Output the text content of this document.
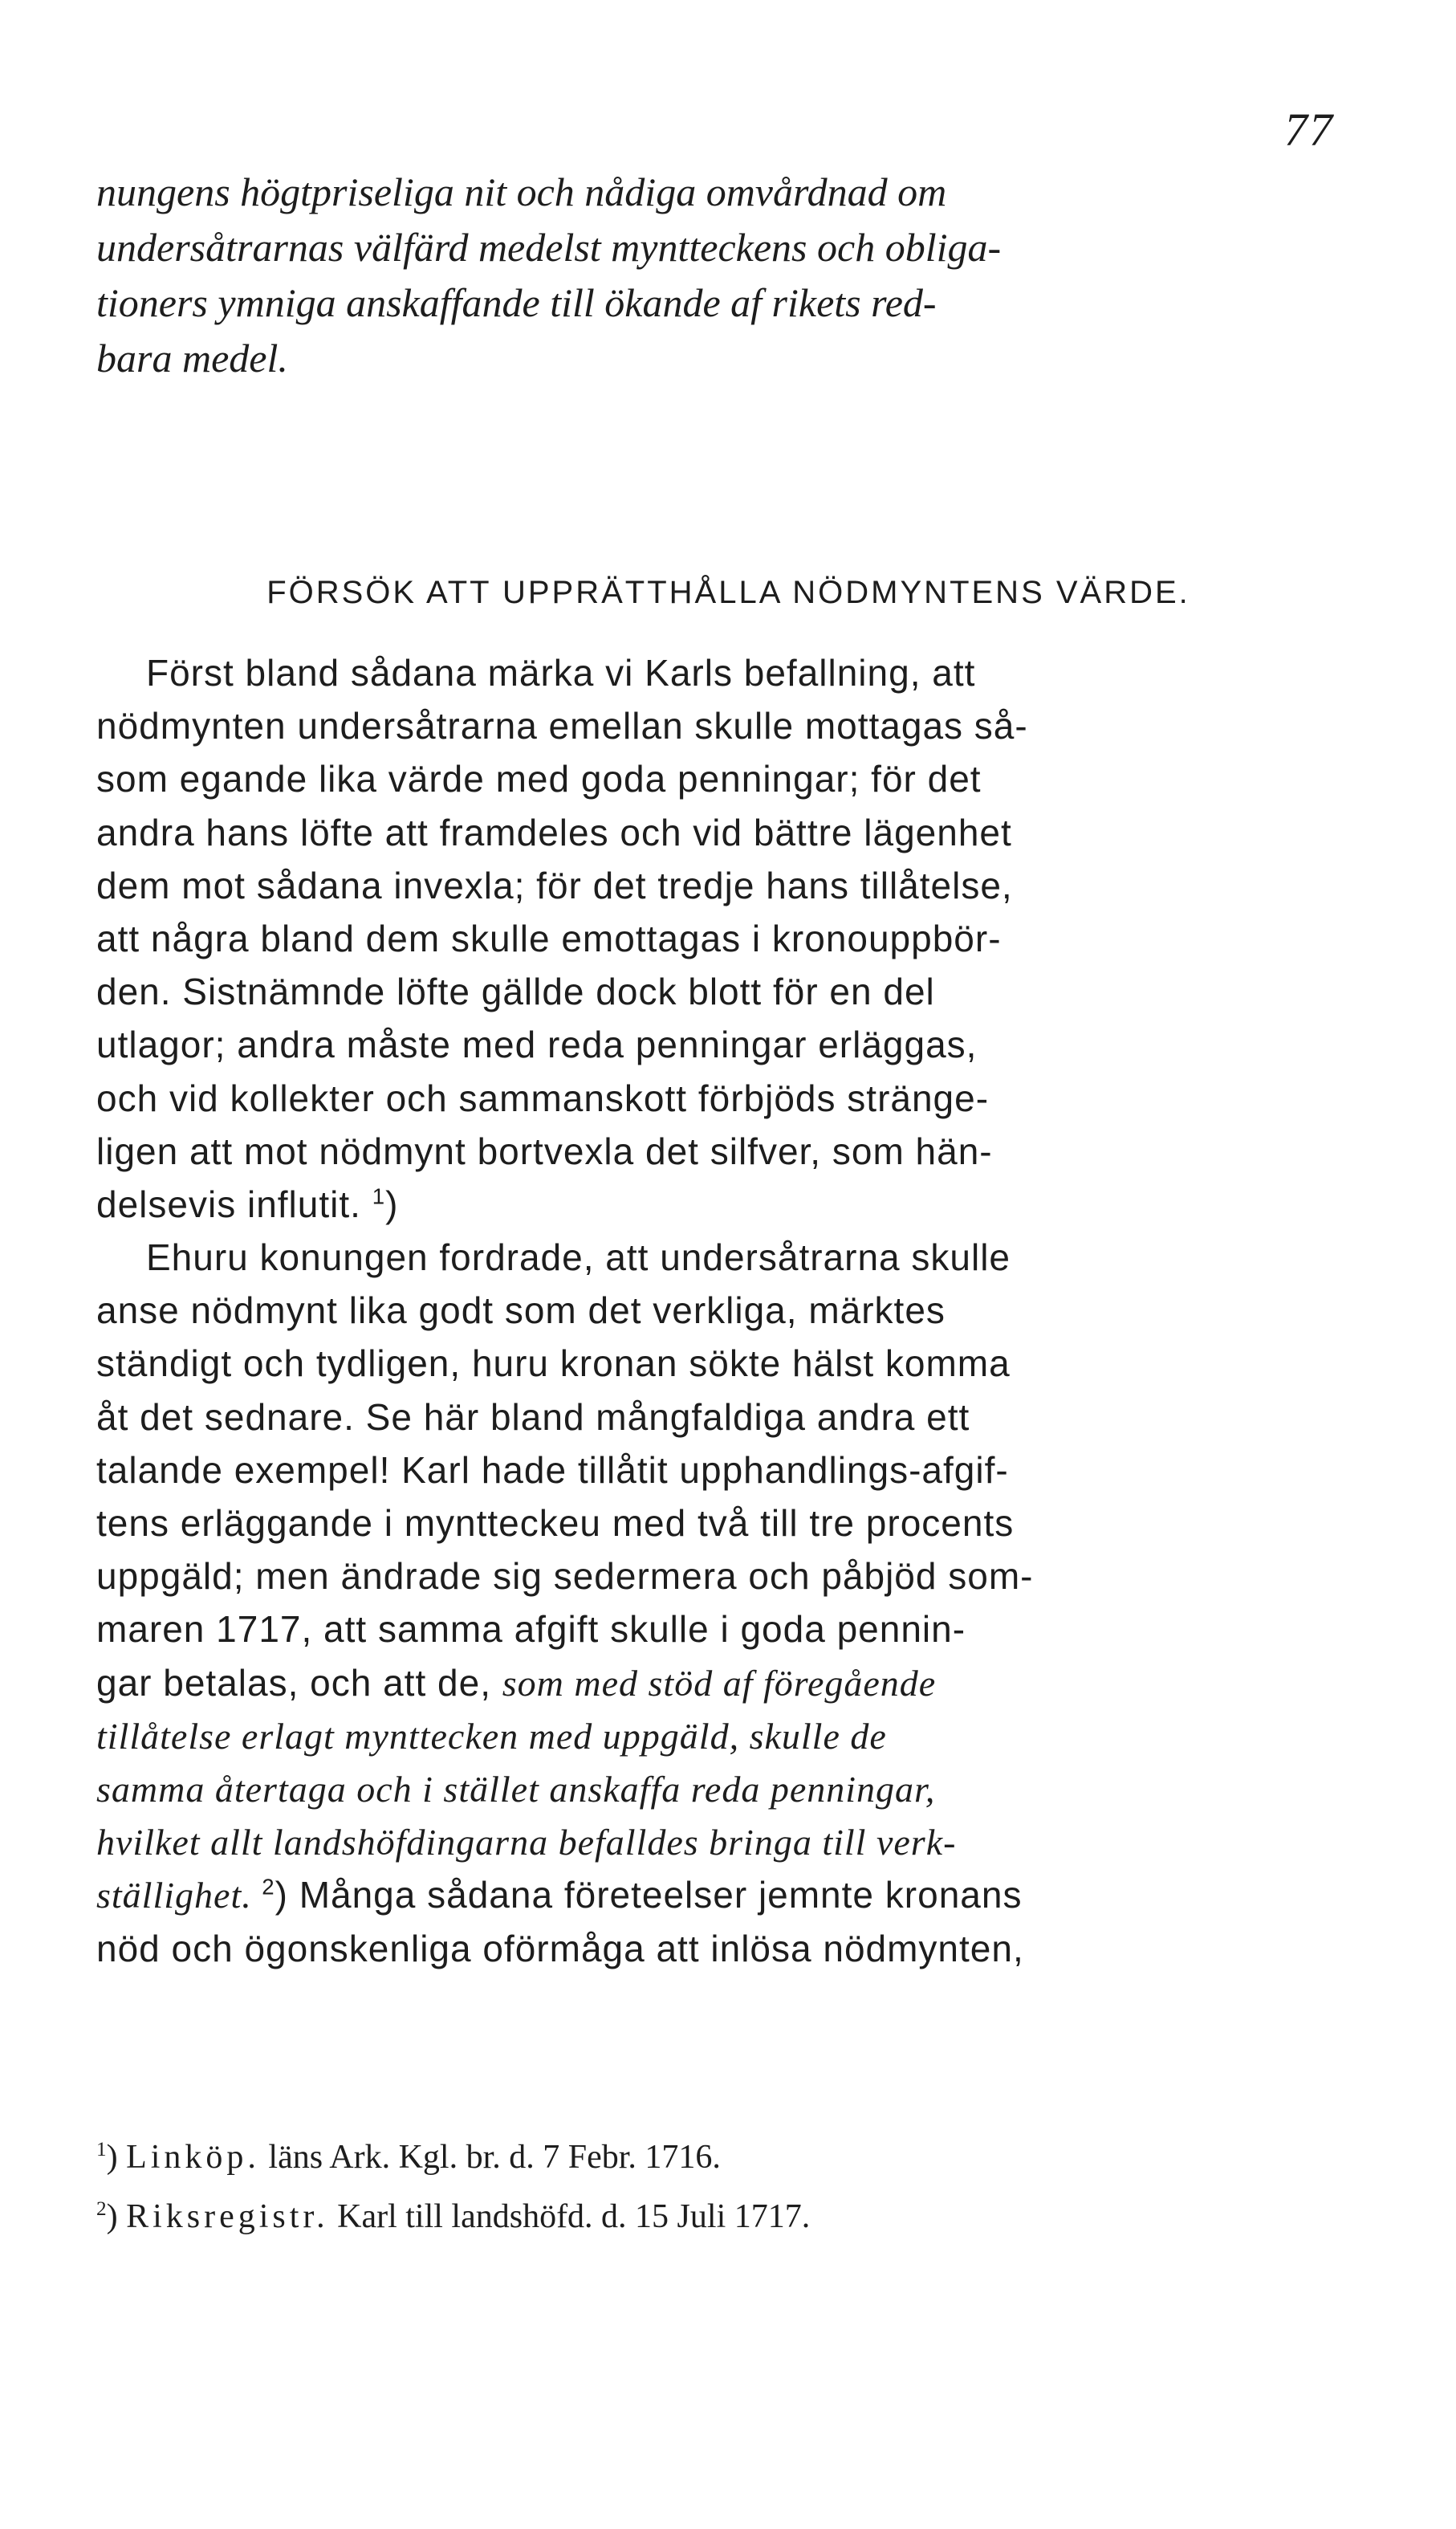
77
nungens högtpriseliga nit och nådiga omvårdnad om
undersåtrarnas välfärd medelst myntteckens och obliga-
tioners ymniga anskaffande till ökande af rikets red-
bara medel.
FÖRSÖK ATT UPPRÄTTHÅLLA NÖDMYNTENS VÄRDE.
Först bland sådana märka vi Karls befallning, att
nödmynten undersåtrarna emellan skulle mottagas så-
som egande lika värde med goda penningar; för det
andra hans löfte att framdeles och vid bättre lägenhet
dem mot sådana invexla; för det tredje hans tillåtelse,
att några bland dem skulle emottagas i kronouppbör-
den. Sistnämnde löfte gällde dock blott för en del
utlagor; andra måste med reda penningar erläggas,
och vid kollekter och sammanskott förbjöds stränge-
ligen att mot nödmynt bortvexla det silfver, som hän-
delsevis influtit. $^1$)
Ehuru konungen fordrade, att undersåtrarna skulle
anse nödmynt lika godt som det verkliga, märktes
ständigt och tydligen, huru kronan sökte hälst komma
åt det sednare. Se här bland mångfaldiga andra ett
talande exempel! Karl hade tillåtit upphandlings-afgif-
tens erläggande i myntteckeu med två till tre procents
uppgäld; men ändrade sig sedermera och påbjöd som-
maren 1717, att samma afgift skulle i goda pennin-
gar betalas, och att de, som med stöd af föregående
tillåtelse erlagt mynttecken med uppgäld, skulle de
samma återtaga och i stället anskaffa reda penningar,
hvilket allt landshöfdingarna befalldes bringa till verk-
ställighet. $^2$) Många sådana företeelser jemnte kronans
nöd och ögonskenliga oförmåga att inlösa nödmynten,
$^1$) Linköp. läns Ark. Kgl. br. d. 7 Febr. 1716.
$^2$) Riksregistr. Karl till landshöfd. d. 15 Juli 1717.
